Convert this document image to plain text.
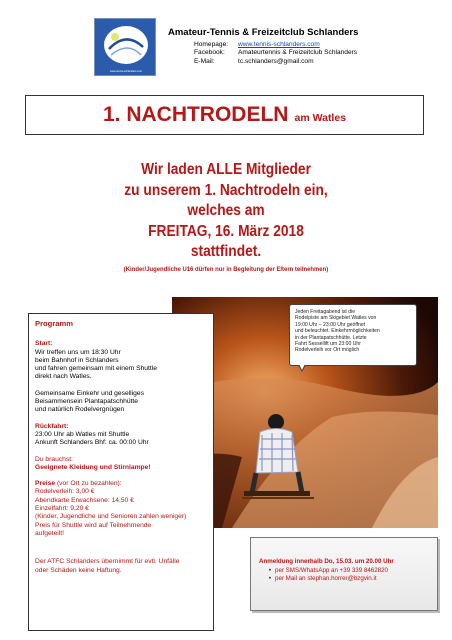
www.tennis-schlanders.com
Amateur-Tennis & Freizeitclub Schlanders
Homepage:	www.tennis-schlanders.com
Facebook:	Amateurtennis & Freizeitclub Schlanders
E-Mail:	tc.schlanders@gmail.com
1. NACHTRODELN am Watles
Wir laden ALLE Mitglieder
zu unserem 1. Nachtrodeln ein,
welches am
FREITAG, 16. März 2018
stattfindet.
(Kinder/Jugendliche U16 dürfen nur in Begleitung der Eltern teilnehmen)
Jeden Freitagabend ist die
Rodelpiste am Skigebiet Watles von
19:00 Uhr – 23:00 Uhr geöffnet
und beleuchtet. Einkehrmöglichkeiten
in der Plantapatschhütte. Letzte
Fahrt Sessellift um 23:00 Uhr
Rodelverleih vor Ort möglich
Programm

Start:

Wir treffen uns um 18:30 Uhr

beim Bahnhof in Schlanders

und fahren gemeinsam mit einem Shuttle

direkt nach Watles.

Gemeinsame Einkehr und geselliges

Beisammensein Plantapatschhütte

und natürlich Rodelvergnügen

Rückfahrt:

23:00 Uhr ab Watles mit Shuttle

Ankunft Schlanders Bhf: ca. 00:00 Uhr

Du brauchst:

Geeignete Kleidung und Stirnlampe!

Preise (vor Ort zu bezahlen):

Rodelverleih: 3,00 €

Abendkarte Erwachsene: 14,50 €

Einzelfahrt: 9,20 €

(Kinder, Jugendliche und Senioren zahlen weniger)

Preis für Shuttle wird auf Teilnehmende

aufgeteilt!

Der ATFC Schlanders übernimmt für evtl. Unfälle

oder Schäden keine Haftung.

Anmeldung innerhalb Do, 15.03. um 20.00 Uhr
• per SMS/WhatsApp an +39 339 8462820
• per Mail an stephan.horrer@bzgvin.it
